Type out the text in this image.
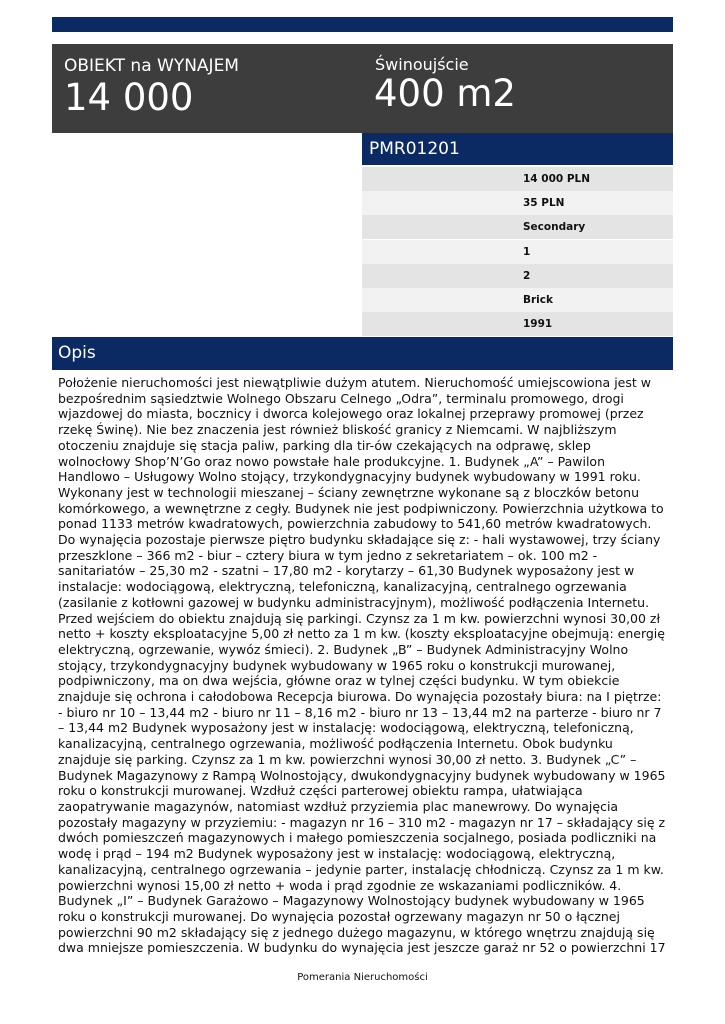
OBIEKT na WYNAJEM
14 000
Świnoujście
400 m2
PMR01201
14 000 PLN
35 PLN
Secondary
1
2
Brick
1991
Opis

Położenie nieruchomości jest niewątpliwie dużym atutem. Nieruchomość umiejscowiona jest w bezpośrednim sąsiedztwie Wolnego Obszaru Celnego „Odra”, terminalu promowego, drogi wjazdowej do miasta, bocznicy i dworca kolejowego oraz lokalnej przeprawy promowej (przez rzekę Świnę). Nie bez znaczenia jest również bliskość granicy z Niemcami. W najbliższym otoczeniu znajduje się stacja paliw, parking dla tir-ów czekających na odprawę, sklep wolnocłowy Shop’N’Go oraz nowo powstałe hale produkcyjne. 1. Budynek „A” – Pawilon Handlowo – Usługowy Wolno stojący, trzykondygnacyjny budynek wybudowany w 1991 roku. Wykonany jest w technologii mieszanej – ściany zewnętrzne wykonane są z bloczków betonu komórkowego, a wewnętrzne z cegły. Budynek nie jest podpiwniczony. Powierzchnia użytkowa to ponad 1133 metrów kwadratowych, powierzchnia zabudowy to 541,60 metrów kwadratowych. Do wynajęcia pozostaje pierwsze piętro budynku składające się z: - hali wystawowej, trzy ściany przeszklone – 366 m2 - biur – cztery biura w tym jedno z sekretariatem – ok. 100 m2 - sanitariatów – 25,30 m2 - szatni – 17,80 m2 - korytarzy – 61,30 Budynek wyposażony jest w instalacje: wodociągową, elektryczną, telefoniczną, kanalizacyjną, centralnego ogrzewania (zasilanie z kotłowni gazowej w budynku administracyjnym), możliwość podłączenia Internetu. Przed wejściem do obiektu znajdują się parkingi. Czynsz za 1 m kw. powierzchni wynosi 30,00 zł netto + koszty eksploatacyjne 5,00 zł netto za 1 m kw. (koszty eksploatacyjne obejmują: energię elektryczną, ogrzewanie, wywóz śmieci). 2. Budynek „B” – Budynek Administracyjny Wolno stojący, trzykondygnacyjny budynek wybudowany w 1965 roku o konstrukcji murowanej, podpiwniczony, ma on dwa wejścia, główne oraz w tylnej części budynku. W tym obiekcie znajduje się ochrona i całodobowa Recepcja biurowa. Do wynajęcia pozostały biura: na I piętrze: - biuro nr 10 – 13,44 m2 - biuro nr 11 – 8,16 m2 - biuro nr 13 – 13,44 m2 na parterze - biuro nr 7 – 13,44 m2 Budynek wyposażony jest w instalację: wodociągową, elektryczną, telefoniczną, kanalizacyjną, centralnego ogrzewania, możliwość podłączenia Internetu. Obok budynku znajduje się parking. Czynsz za 1 m kw. powierzchni wynosi 30,00 zł netto. 3. Budynek „C” – Budynek Magazynowy z Rampą Wolnostojący, dwukondygnacyjny budynek wybudowany w 1965 roku o konstrukcji murowanej. Wzdłuż części parterowej obiektu rampa, ułatwiająca zaopatrywanie magazynów, natomiast wzdłuż przyziemia plac manewrowy. Do wynajęcia pozostały magazyny w przyziemiu: - magazyn nr 16 – 310 m2 - magazyn nr 17 – składający się z dwóch pomieszczeń magazynowych i małego pomieszczenia socjalnego, posiada podliczniki na wodę i prąd – 194 m2 Budynek wyposażony jest w instalację: wodociągową, elektryczną, kanalizacyjną, centralnego ogrzewania – jedynie parter, instalację chłodniczą. Czynsz za 1 m kw. powierzchni wynosi 15,00 zł netto + woda i prąd zgodnie ze wskazaniami podliczników. 4. Budynek „I” – Budynek Garażowo – Magazynowy Wolnostojący budynek wybudowany w 1965 roku o konstrukcji murowanej. Do wynajęcia pozostał ogrzewany magazyn nr 50 o łącznej powierzchni 90 m2 składający się z jednego dużego magazynu, w którego wnętrzu znajdują się dwa mniejsze pomieszczenia. W budynku do wynajęcia jest jeszcze garaż nr 52 o powierzchni 17

Pomerania Nieruchomości
